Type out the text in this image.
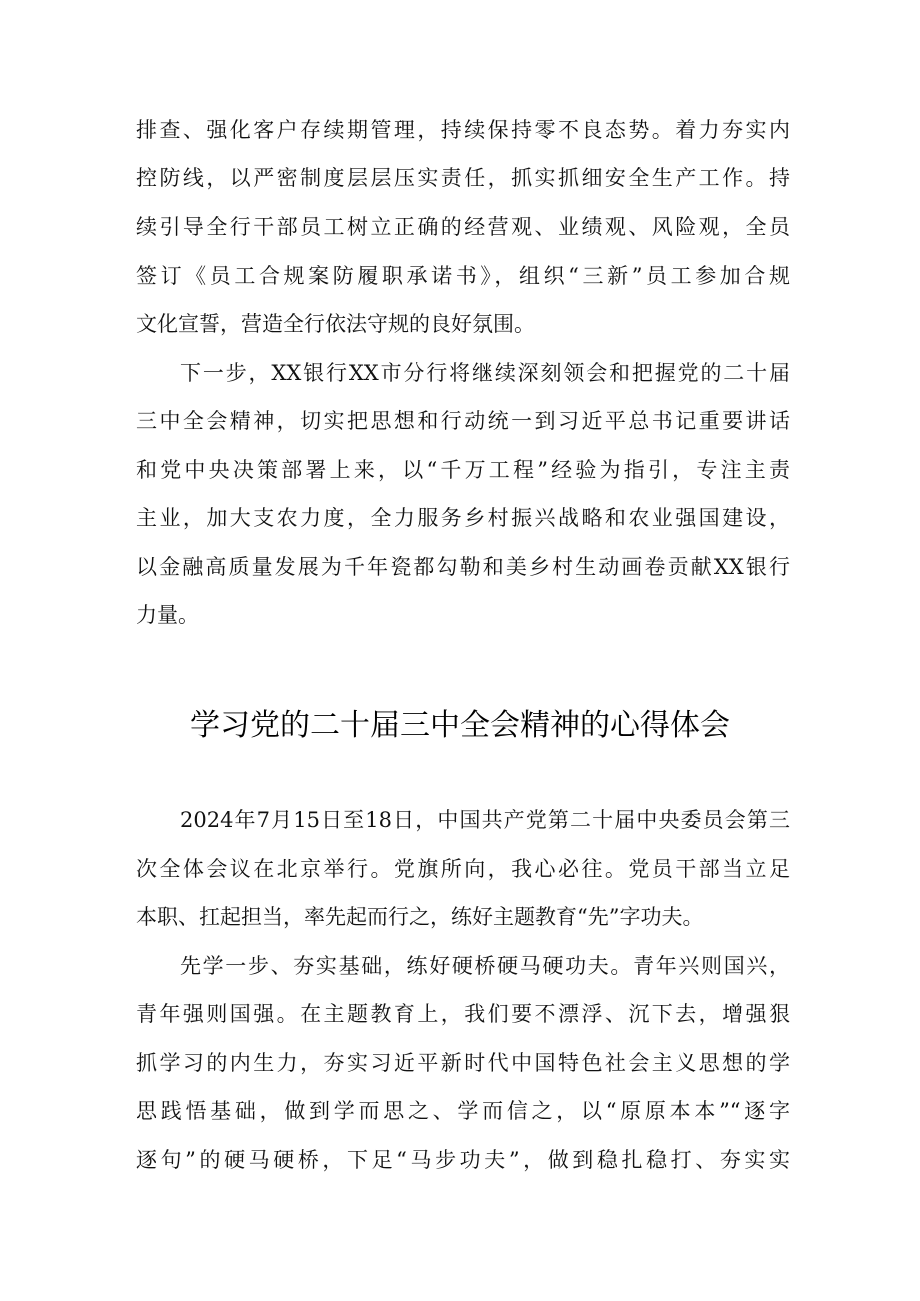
排查、强化客户存续期管理，持续保持零不良态势。着力夯实内
控防线，以严密制度层层压实责任，抓实抓细安全生产工作。持
续引导全行干部员工树立正确的经营观、业绩观、风险观，全员
签订《员工合规案防履职承诺书》，组织“三新”员工参加合规
文化宣誓，营造全行依法守规的良好氛围。
下一步，XX银行XX市分行将继续深刻领会和把握党的二十届
三中全会精神，切实把思想和行动统一到习近平总书记重要讲话
和党中央决策部署上来，以“千万工程”经验为指引，专注主责
主业，加大支农力度，全力服务乡村振兴战略和农业强国建设，
以金融高质量发展为千年瓷都勾勒和美乡村生动画卷贡献XX银行
力量。
学习党的二十届三中全会精神的心得体会
2024年7月15日至18日，中国共产党第二十届中央委员会第三
次全体会议在北京举行。党旗所向，我心必往。党员干部当立足
本职、扛起担当，率先起而行之，练好主题教育“先”字功夫。
先学一步、夯实基础，练好硬桥硬马硬功夫。青年兴则国兴，
青年强则国强。在主题教育上，我们要不漂浮、沉下去，增强狠
抓学习的内生力，夯实习近平新时代中国特色社会主义思想的学
思践悟基础，做到学而思之、学而信之，以“原原本本”“逐字
逐句”的硬马硬桥，下足“马步功夫”，做到稳扎稳打、夯实实
